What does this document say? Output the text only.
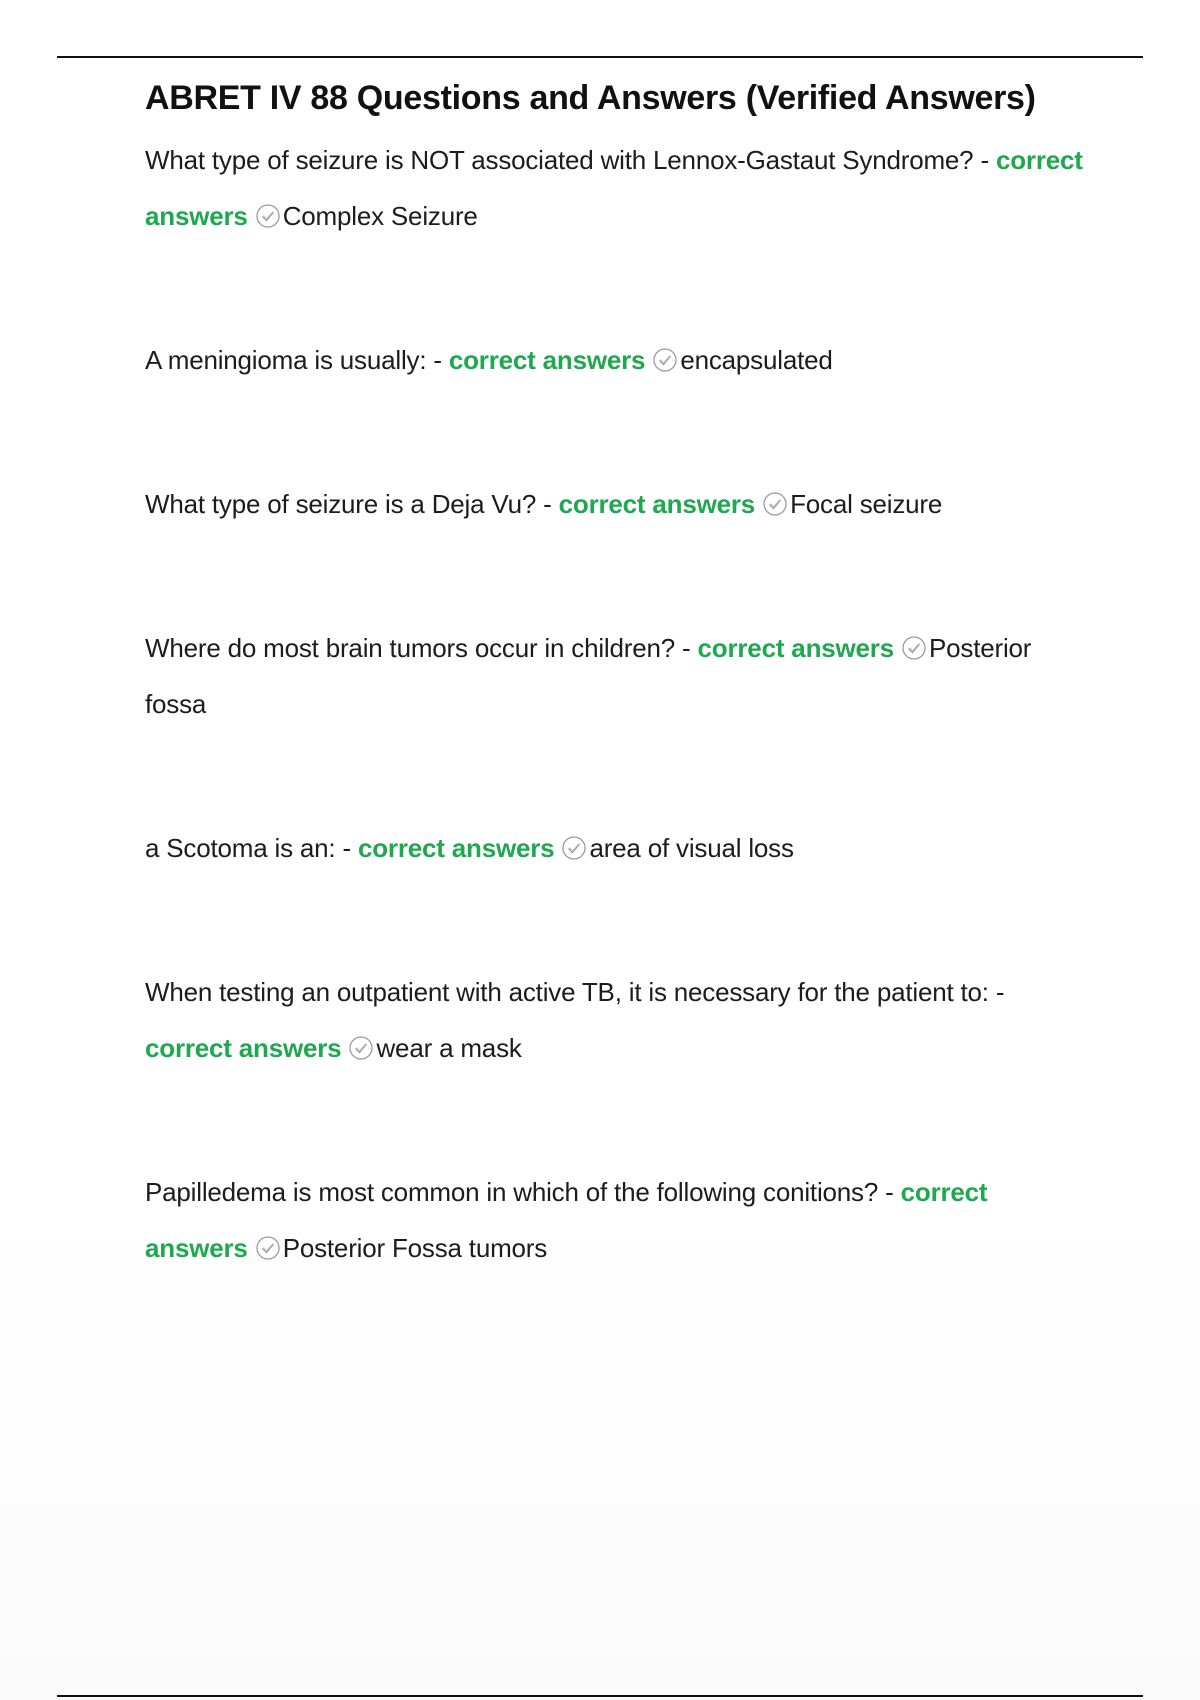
ABRET IV 88 Questions and Answers (Verified Answers)

What type of seizure is NOT associated with Lennox-Gastaut Syndrome? - correct answers Complex Seizure

A meningioma is usually: - correct answers encapsulated

What type of seizure is a Deja Vu? - correct answers Focal seizure

Where do most brain tumors occur in children? - correct answers Posterior fossa

a Scotoma is an: - correct answers area of visual loss

When testing an outpatient with active TB, it is necessary for the patient to: - correct answers wear a mask

Papilledema is most common in which of the following conitions? - correct answers Posterior Fossa tumors
